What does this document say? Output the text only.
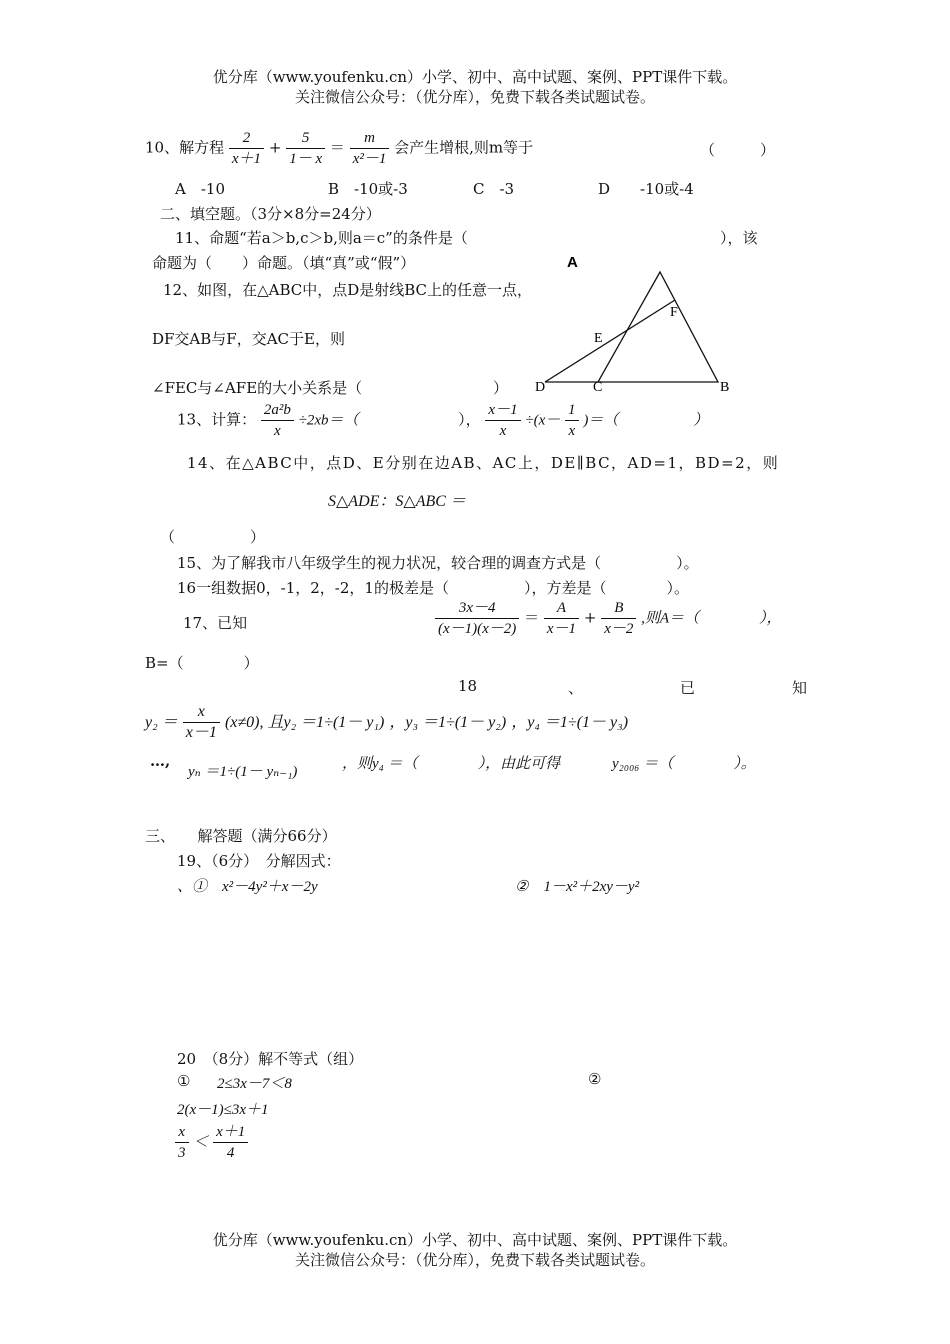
优分库（www.youfenku.cn）小学、初中、高中试题、案例、PPT课件下载。
关注微信公众号：（优分库），免费下载各类试题试卷。
10、解方程 $\frac{2}{x+1} + \frac{5}{1- x} = \frac{m}{\text{x²－1}}$ 会产生增根,则m等于	（　　　）
A　-10	B　-10或-3	C　-3	D　　-10或-4
二、填空题。（3分×8分=24分）
11、命题“若a＞b,c＞b,则a＝c”的条件是（	），该
命题为（　　）命题。（填“真”或“假”）
12、如图，在△ABC中，点D是射线BC上的任意一点，
DF交AB与F，交AC于E，则
∠FEC与∠AFE的大小关系是（	）
A
F
E
D	C	B
13、计算： $\frac{\text{2a²b}}{x} \div 2xb=$（	）， $\frac{x-1}{x} \div(x- \frac{1}{x}$ )＝（　　　　　）
14、在△ABC中，点D、E分别在边AB、AC上，DE∥BC，AD=1，BD=2，则
S△ADE：S△ABC ＝
（　　　　　）
15、为了解我市八年级学生的视力状况，较合理的调查方式是（　　　　　）。
16一组数据0，-1，2，-2，1的极差是（　　　　　），方差是（　　　　）。
17、已知	$\frac{3x-4}{(x-1)(x-2)} = \frac{A}{x-1} + \frac{B}{x-2}$ ,则A＝（　　　　），
B=（　　　　）
18	、	已	知
$y_2 = \frac{x}{x-1} (x\ne 0)$, 且y₂ ＝1÷(1－ y₁) ，y₃ ＝1÷(1－ y₂) ，y₄ ＝1÷(1－ y₃)
…,
yₙ ＝1÷(1－ yₙ₋₁)	，则y₄ ＝（　　　　），由此可得	y₂₀₀₆ ＝（　　　　）。
三、　　解答题（满分66分）
19、（6分）　分解因式：
、①　x²－4y²＋x－2y	②　1－x²＋2xy－y²
20　（8分）解不等式（组）
① 2≤3x－7＜8	②
2(x－1)≤3x＋1
$\frac{x}{3} < \frac{x+1}{4}$
优分库（www.youfenku.cn）小学、初中、高中试题、案例、PPT课件下载。
关注微信公众号：（优分库），免费下载各类试题试卷。
